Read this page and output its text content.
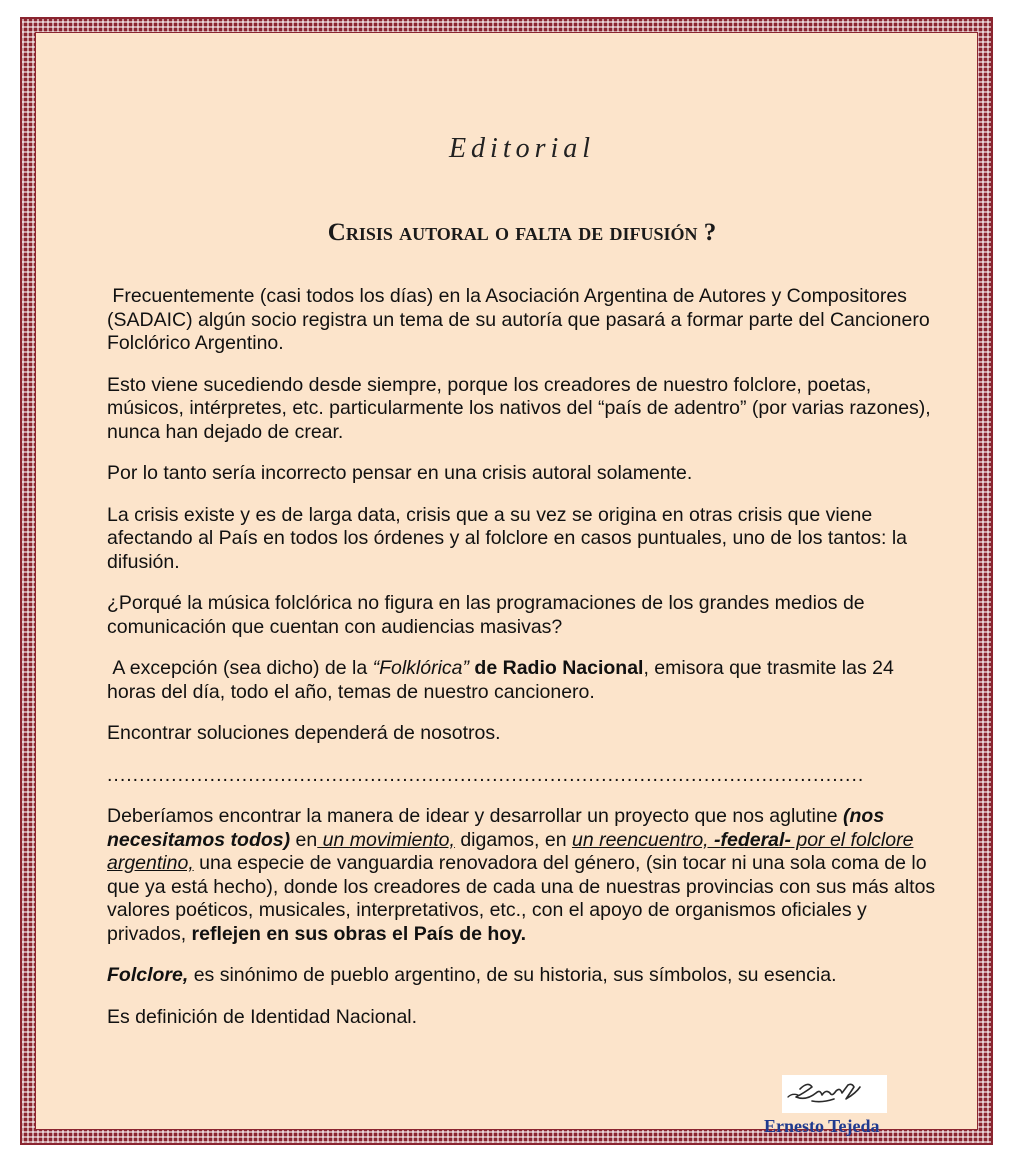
Editorial
Crisis autoral o falta de difusión ?

Frecuentemente (casi todos los días) en la Asociación Argentina de Autores y Compositores (SADAIC) algún socio registra un tema de su autoría que pasará a formar parte del Cancionero Folclórico Argentino.

Esto viene sucediendo desde siempre, porque los creadores de nuestro folclore, poetas, músicos, intérpretes, etc. particularmente los nativos del “país de adentro” (por varias razones), nunca han dejado de crear.

Por lo tanto sería incorrecto pensar en una crisis autoral solamente.

La crisis existe y es de larga data, crisis que a su vez se origina en otras crisis que viene afectando al País en todos los órdenes y al folclore en casos puntuales, uno de los tantos: la difusión.

¿Porqué la música folclórica no figura en las programaciones de los grandes medios de comunicación que cuentan con audiencias masivas?

A excepción (sea dicho) de la “Folklórica” de Radio Nacional, emisora que trasmite las 24 horas del día, todo el año, temas de nuestro cancionero.

Encontrar soluciones dependerá de nosotros.

......................................................................................................................

Deberíamos encontrar la manera de idear y desarrollar un proyecto que nos aglutine (nos necesitamos todos) en un movimiento, digamos, en un reencuentro, -federal- por el folclore argentino, una especie de vanguardia renovadora del género, (sin tocar ni una sola coma de lo que ya está hecho), donde los creadores de cada una de nuestras provincias con sus más altos valores poéticos, musicales, interpretativos, etc., con el apoyo de organismos oficiales y privados, reflejen en sus obras el País de hoy.

Folclore, es sinónimo de pueblo argentino, de su historia, sus símbolos, su esencia.

Es definición de Identidad Nacional.

Ernesto Tejeda
